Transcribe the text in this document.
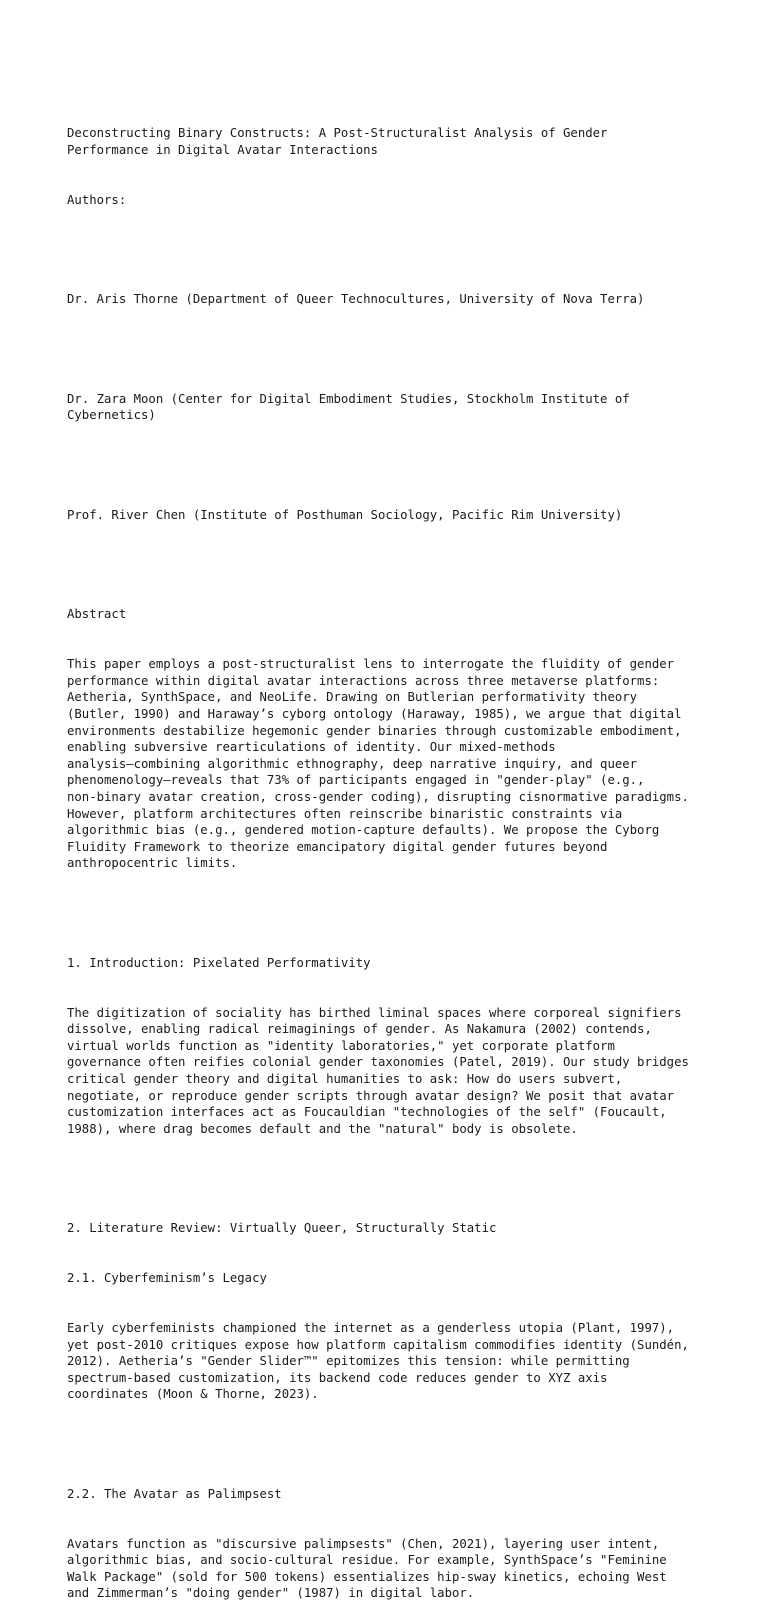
Deconstructing Binary Constructs: A Post-Structuralist Analysis of Gender
Performance in Digital Avatar Interactions

Authors:

Dr. Aris Thorne (Department of Queer Technocultures, University of Nova Terra)

Dr. Zara Moon (Center for Digital Embodiment Studies, Stockholm Institute of
Cybernetics)

Prof. River Chen (Institute of Posthuman Sociology, Pacific Rim University)

Abstract

This paper employs a post-structuralist lens to interrogate the fluidity of gender
performance within digital avatar interactions across three metaverse platforms:
Aetheria, SynthSpace, and NeoLife. Drawing on Butlerian performativity theory
(Butler, 1990) and Haraway’s cyborg ontology (Haraway, 1985), we argue that digital
environments destabilize hegemonic gender binaries through customizable embodiment,
enabling subversive rearticulations of identity. Our mixed-methods
analysis—combining algorithmic ethnography, deep narrative inquiry, and queer
phenomenology—reveals that 73% of participants engaged in "gender-play" (e.g.,
non-binary avatar creation, cross-gender coding), disrupting cisnormative paradigms.
However, platform architectures often reinscribe binaristic constraints via
algorithmic bias (e.g., gendered motion-capture defaults). We propose the Cyborg
Fluidity Framework to theorize emancipatory digital gender futures beyond
anthropocentric limits.

1. Introduction: Pixelated Performativity

The digitization of sociality has birthed liminal spaces where corporeal signifiers
dissolve, enabling radical reimaginings of gender. As Nakamura (2002) contends,
virtual worlds function as "identity laboratories," yet corporate platform
governance often reifies colonial gender taxonomies (Patel, 2019). Our study bridges
critical gender theory and digital humanities to ask: How do users subvert,
negotiate, or reproduce gender scripts through avatar design? We posit that avatar
customization interfaces act as Foucauldian "technologies of the self" (Foucault,
1988), where drag becomes default and the "natural" body is obsolete.

2. Literature Review: Virtually Queer, Structurally Static

2.1. Cyberfeminism’s Legacy

Early cyberfeminists championed the internet as a genderless utopia (Plant, 1997),
yet post-2010 critiques expose how platform capitalism commodifies identity (Sundén,
2012). Aetheria’s "Gender Slider™" epitomizes this tension: while permitting
spectrum-based customization, its backend code reduces gender to XYZ axis
coordinates (Moon & Thorne, 2023).

2.2. The Avatar as Palimpsest

Avatars function as "discursive palimpsests" (Chen, 2021), layering user intent,
algorithmic bias, and socio-cultural residue. For example, SynthSpace’s "Feminine
Walk Package" (sold for 500 tokens) essentializes hip-sway kinetics, echoing West
and Zimmerman’s "doing gender" (1987) in digital labor.
